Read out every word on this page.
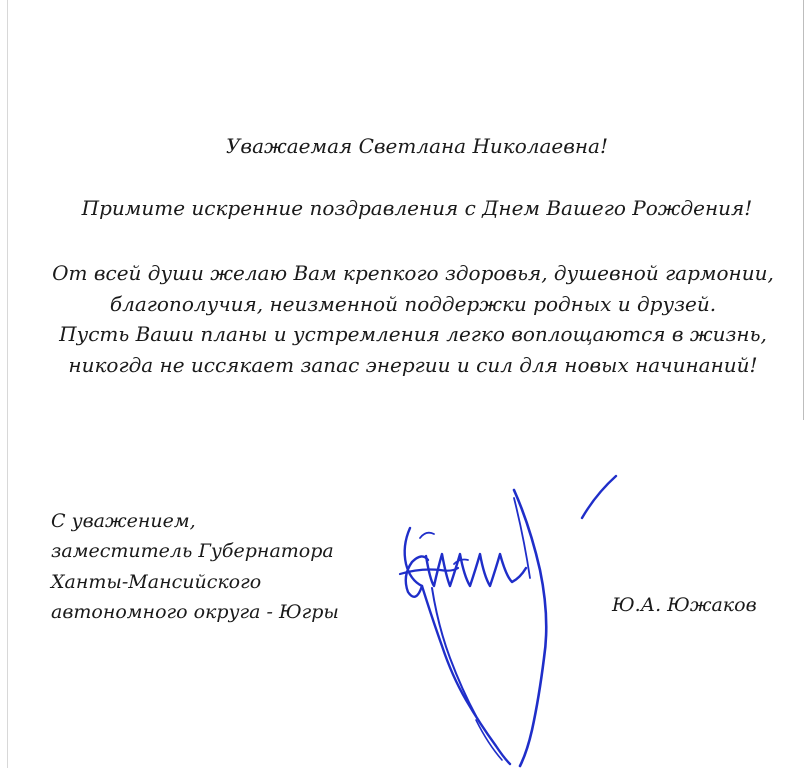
Уважаемая Светлана Николаевна!
Примите искренние поздравления с Днем Вашего Рождения!
От всей души желаю Вам крепкого здоровья, душевной гармонии,
благополучия, неизменной поддержки родных и друзей.
Пусть Ваши планы и устремления легко воплощаются в жизнь,
никогда не иссякает запас энергии и сил для новых начинаний!
С уважением,
заместитель Губернатора
Ханты-Мансийского
автономного округа - Югры	Ю.А. Южаков
